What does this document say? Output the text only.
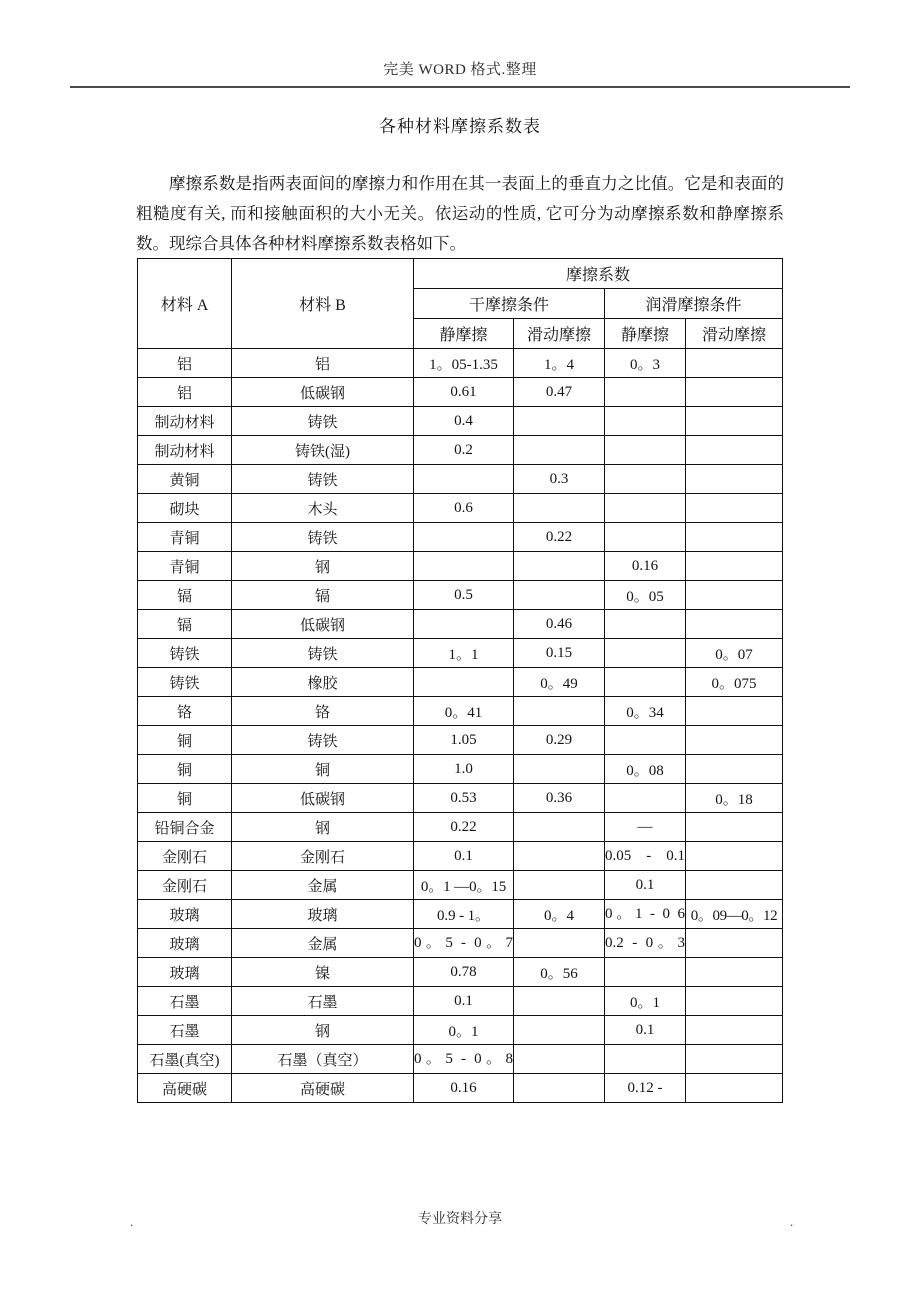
完美 WORD 格式.整理
各种材料摩擦系数表

摩擦系数是指两表面间的摩擦力和作用在其一表面上的垂直力之比值。它是和表面的粗糙度有关, 而和接触面积的大小无关。依运动的性质, 它可分为动摩擦系数和静摩擦系数。现综合具体各种材料摩擦系数表格如下。

材料 A	材料 B	摩擦系数			
		干摩擦条件		润滑摩擦条件	
		静摩擦	滑动摩擦	静摩擦	滑动摩擦
铝	铝	1。05-1.35	1。4	0。3	
铝	低碳钢	0.61	0.47		
制动材料	铸铁	0.4			
制动材料	铸铁(湿)	0.2			
黄铜	铸铁		0.3		
砌块	木头	0.6			
青铜	铸铁		0.22		
青铜	钢			0.16	
镉	镉	0.5		0。05	
镉	低碳钢		0.46		
铸铁	铸铁	1。1	0.15		0。07
铸铁	橡胶		0。49		0。075
铬	铬	0。41		0。34	
铜	铸铁	1.05	0.29		
铜	铜	1.0		0。08	
铜	低碳钢	0.53	0.36		0。18
铅铜合金	钢	0.22		—	
金刚石	金刚石	0.1		0.05 - 0.1	
金刚石	金属	0。1 —0。15		0.1	
玻璃	玻璃	0.9 - 1。	0。4	0。1 - 0 6	0。09—0。12
玻璃	金属	0。5 - 0。7		0.2 - 0。3	
玻璃	镍	0.78	0。56		
石墨	石墨	0.1		0。1	
石墨	钢	0。1		0.1	
石墨(真空)	石墨（真空）	0。5 - 0。8			
高硬碳	高硬碳	0.16		0.12 -	
.	专业资料分享	.
